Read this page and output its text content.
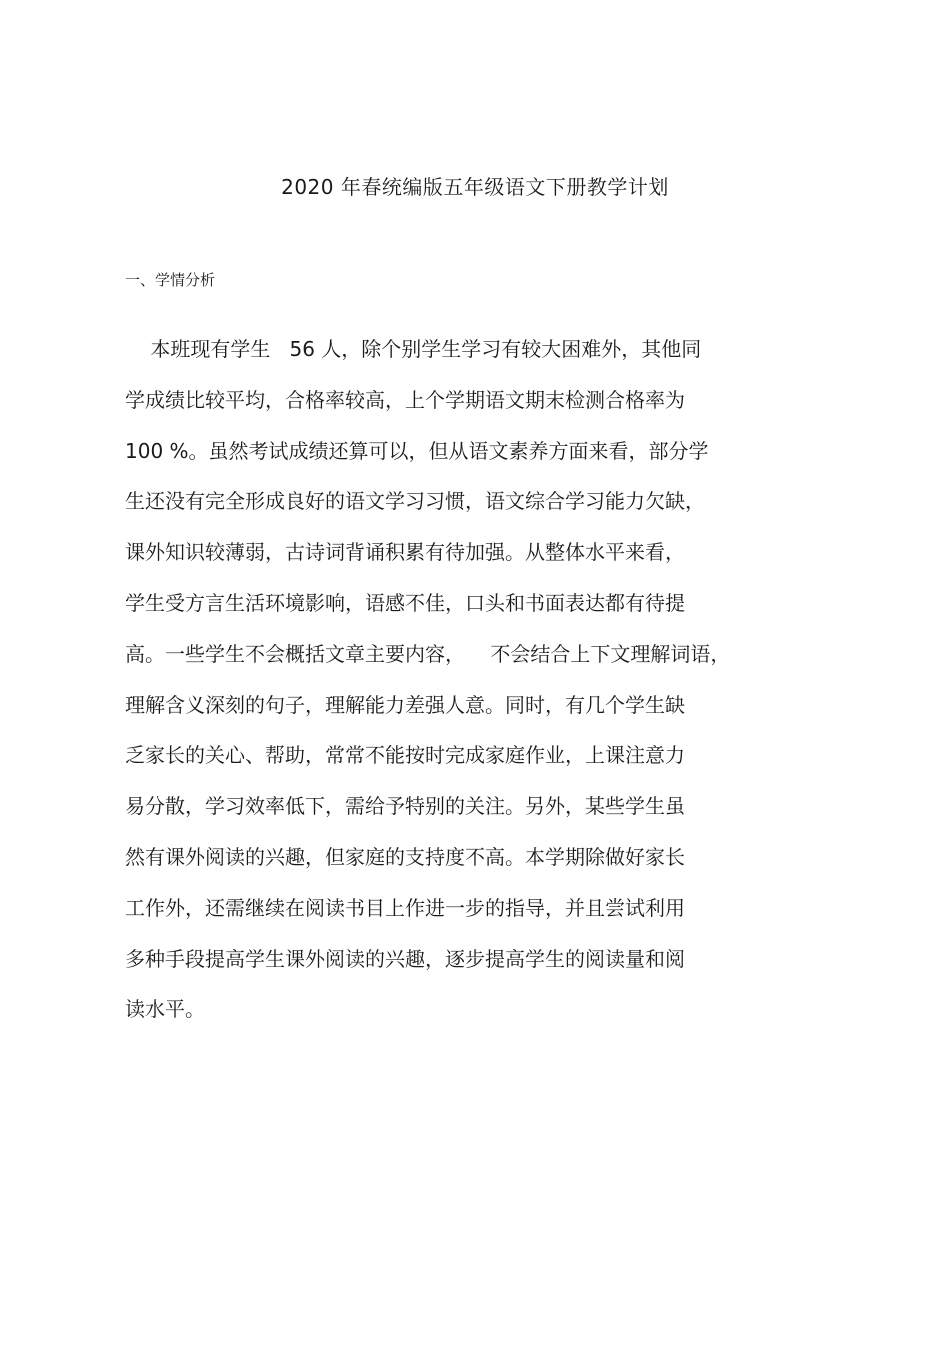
2020 年春统编版五年级语文下册教学计划
一、学情分析
本班现有学生   56 人，除个别学生学习有较大困难外，其他同
学成绩比较平均，合格率较高，上个学期语文期末检测合格率为
100 %。虽然考试成绩还算可以，但从语文素养方面来看，部分学
生还没有完全形成良好的语文学习习惯，语文综合学习能力欠缺，
课外知识较薄弱，古诗词背诵积累有待加强。从整体水平来看，
学生受方言生活环境影响，语感不佳，口头和书面表达都有待提
高。一些学生不会概括文章主要内容，    不会结合上下文理解词语，
理解含义深刻的句子，理解能力差强人意。同时，有几个学生缺
乏家长的关心、帮助，常常不能按时完成家庭作业，上课注意力
易分散，学习效率低下，需给予特别的关注。另外，某些学生虽
然有课外阅读的兴趣，但家庭的支持度不高。本学期除做好家长
工作外，还需继续在阅读书目上作进一步的指导，并且尝试利用
多种手段提高学生课外阅读的兴趣，逐步提高学生的阅读量和阅
读水平。
